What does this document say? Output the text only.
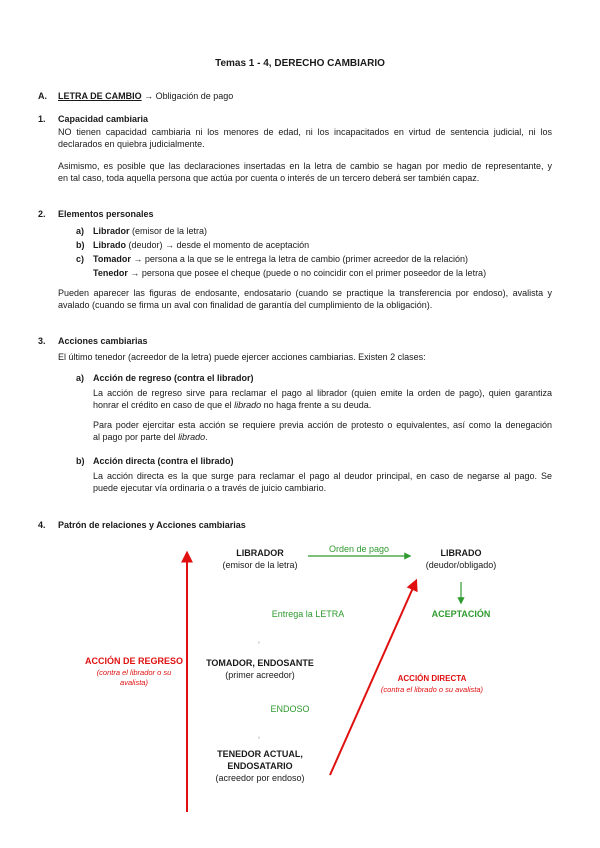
Temas 1 - 4, DERECHO CAMBIARIO
A. LETRA DE CAMBIO → Obligación de pago
1. Capacidad cambiaria
NO tienen capacidad cambiaria ni los menores de edad, ni los incapacitados en virtud de sentencia judicial, ni los
declarados en quiebra judicialmente.
Asimismo, es posible que las declaraciones insertadas en la letra de cambio se hagan por medio de representante, y
en tal caso, toda aquella persona que actúa por cuenta o interés de un tercero deberá ser también capaz.
2. Elementos personales
a) Librador (emisor de la letra)
b) Librado (deudor) → desde el momento de aceptación
c) Tomador → persona a la que se le entrega la letra de cambio (primer acreedor de la relación)
Tenedor → persona que posee el cheque (puede o no coincidir con el primer poseedor de la letra)
Pueden aparecer las figuras de endosante, endosatario (cuando se practique la transferencia por endoso), avalista y
avalado (cuando se firma un aval con finalidad de garantía del cumplimiento de la obligación).
3. Acciones cambiarias
El último tenedor (acreedor de la letra) puede ejercer acciones cambiarias. Existen 2 clases:
a) Acción de regreso (contra el librador)
La acción de regreso sirve para reclamar el pago al librador (quien emite la orden de pago), quien garantiza
honrar el crédito en caso de que el librado no haga frente a su deuda.
Para poder ejercitar esta acción se requiere previa acción de protesto o equivalentes, así como la denegación
al pago por parte del librado.
b) Acción directa (contra el librado)
La acción directa es la que surge para reclamar el pago al deudor principal, en caso de negarse al pago. Se
puede ejecutar vía ordinaria o a través de juicio cambiario.
4. Patrón de relaciones y Acciones cambiarias
ˈ
ˈ
LIBRADOR
(emisor de la letra)
Orden de pago	LIBRADO
(deudor/obligado)
Entrega la LETRA	ACEPTACIÓN
TOMADOR, ENDOSANTE
(primer acreedor)
ENDOSO
TENEDOR ACTUAL,
ENDOSATARIO
(acreedor por endoso)
ACCIÓN DE REGRESO
(contra el librador o su
avalista)	ACCIÓN DIRECTA
(contra el librado o su avalista)
